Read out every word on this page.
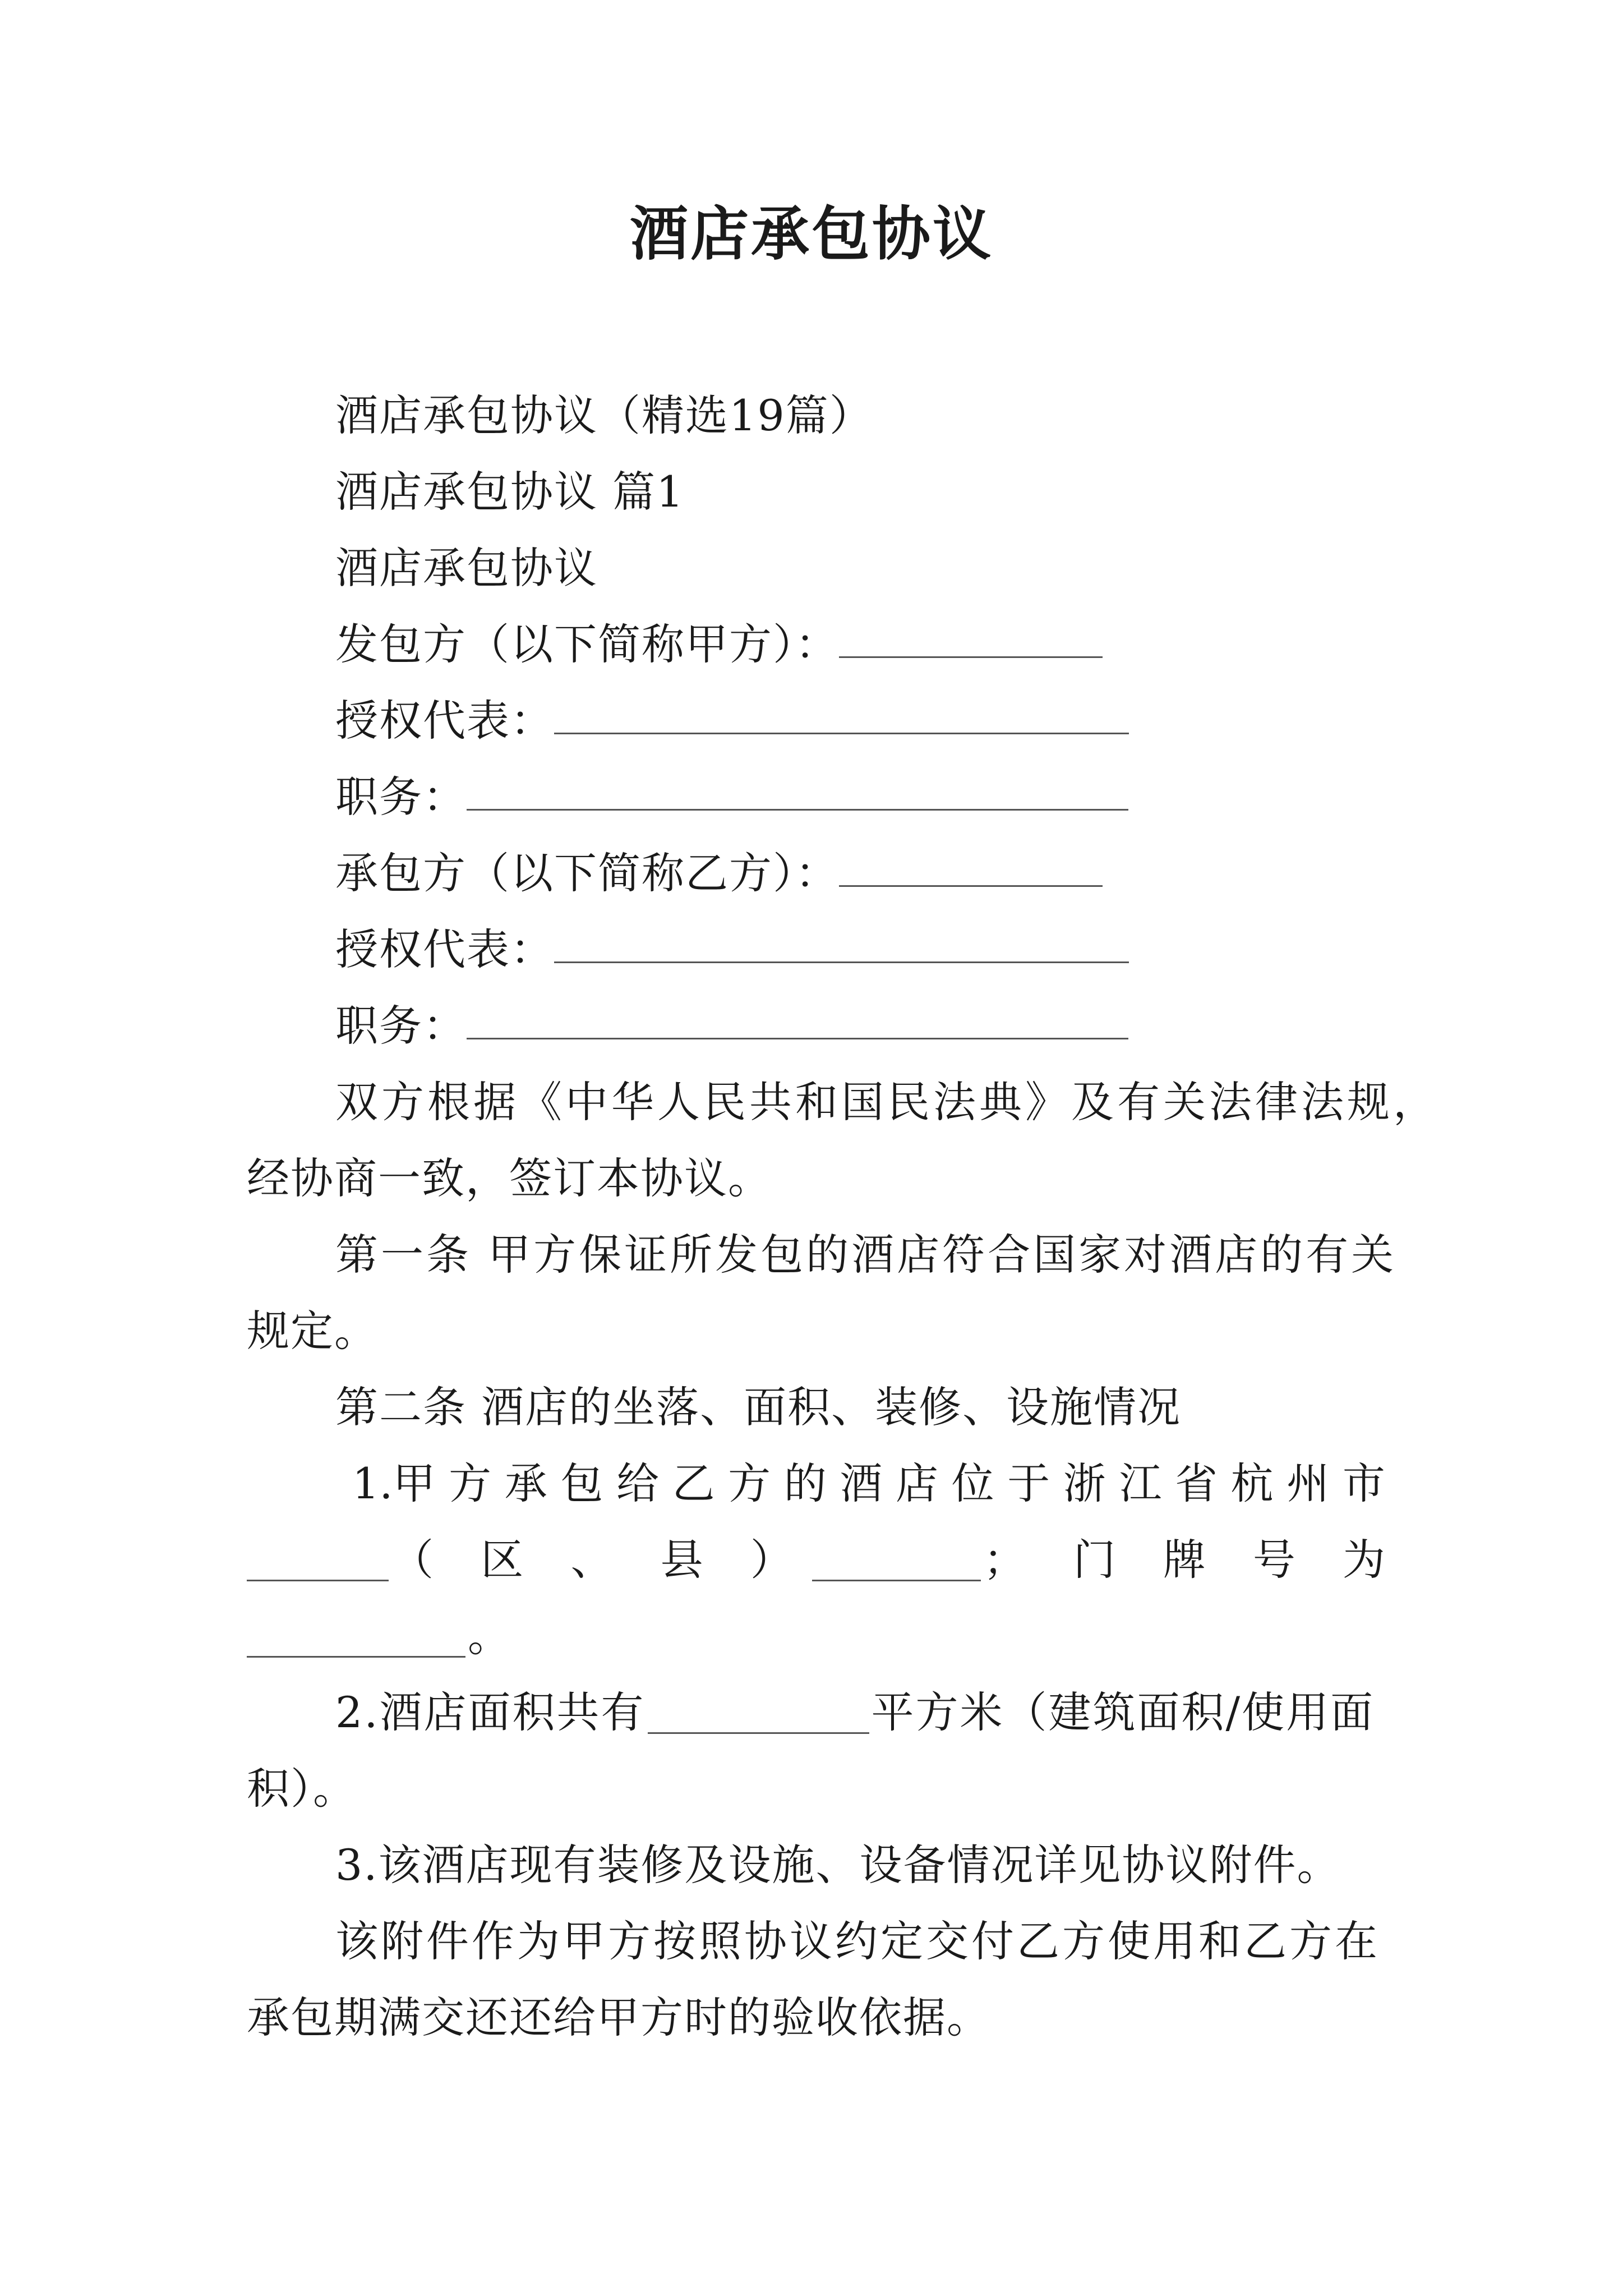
酒店承包协议
酒店承包协议（精选19篇）
酒店承包协议 篇1
酒店承包协议
发包方（以下简称甲方）：
授权代表：
职务：
承包方（以下简称乙方）：
授权代表：
职务：
双方根据《中华人民共和国民法典》及有关法律法规，
经协商一致，签订本协议。
第一条 甲方保证所发包的酒店符合国家对酒店的有关
规定。
第二条 酒店的坐落、面积、装修、设施情况
1.甲 方 承 包 给 乙 方 的 酒 店 位 于 浙 江 省 杭 州 市
（ 区 、 县 ）	； 门 牌 号 为
。
2.酒店面积共有	平方米（建筑面积/使用面
积）。
3.该酒店现有装修及设施、设备情况详见协议附件。
该附件作为甲方按照协议约定交付乙方使用和乙方在
承包期满交还还给甲方时的验收依据。
